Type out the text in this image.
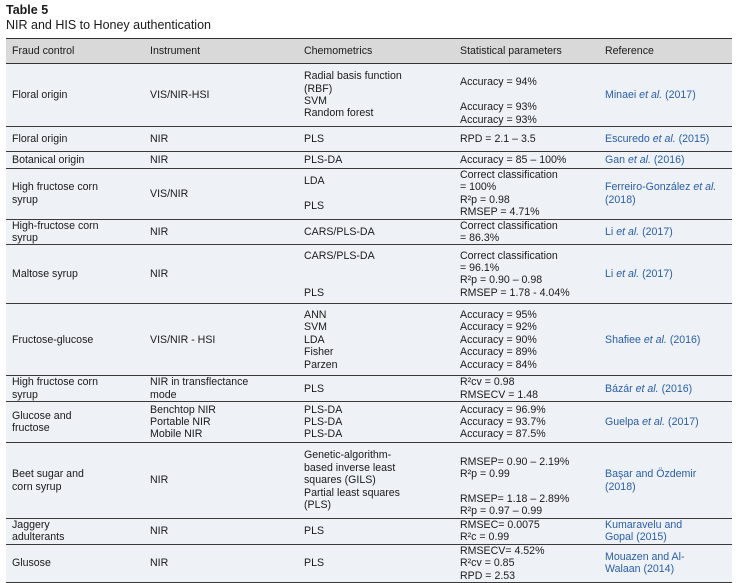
Table 5
NIR and HIS to Honey authentication
Fraud control	Instrument	Chemometrics	Statistical parameters	Reference

Floral origin	VIS/NIR-HSI	Radial basis function
(RBF)
SVM
Random forest	Accuracy = 94%

Accuracy = 93%
Accuracy = 93%	Minaei et al. (2017)

Floral origin	NIR	PLS	RPD = 2.1 – 3.5	Escuredo et al. (2015)

Botanical origin	NIR	PLS-DA	Accuracy = 85 – 100%	Gan et al. (2016)

High fructose corn
syrup	VIS/NIR	LDA

PLS	Correct classification
= 100%
R²p = 0.98
RMSEP = 4.71%	Ferreiro-González et al. (2018)

High-fructose corn
syrup	NIR	CARS/PLS-DA	Correct classification
= 86.3%	Li et al. (2017)

Maltose syrup	NIR	CARS/PLS-DA

PLS	Correct classification
= 96.1%
R²p = 0.90 – 0.98
RMSEP = 1.78 - 4.04%	Li et al. (2017)

Fructose-glucose	VIS/NIR - HSI	ANN
SVM
LDA
Fisher
Parzen	Accuracy = 95%
Accuracy = 92%
Accuracy = 90%
Accuracy = 89%
Accuracy = 84%	Shafiee et al. (2016)

High fructose corn
syrup	NIR in transflectance
mode	PLS	R²cv = 0.98
RMSECV = 1.48	Bázár et al. (2016)

Glucose and
fructose	Benchtop NIR
Portable NIR
Mobile NIR	PLS-DA
PLS-DA
PLS-DA	Accuracy = 96.9%
Accuracy = 93.7%
Accuracy = 87.5%	Guelpa et al. (2017)

Beet sugar and
corn syrup	NIR	Genetic-algorithm-
based inverse least
squares (GILS)
Partial least squares
(PLS)	RMSEP= 0.90 – 2.19%
R²p = 0.99

RMSEP= 1.18 – 2.89%
R²p = 0.97 – 0.99	Başar and Özdemir
(2018)

Jaggery
adulterants	NIR	PLS	RMSEC= 0.0075
R²c = 0.99	Kumaravelu and
Gopal (2015)

Glusose	NIR	PLS	RMSECV= 4.52%
R²cv = 0.85
RPD = 2.53	Mouazen and Al-
Walaan (2014)
